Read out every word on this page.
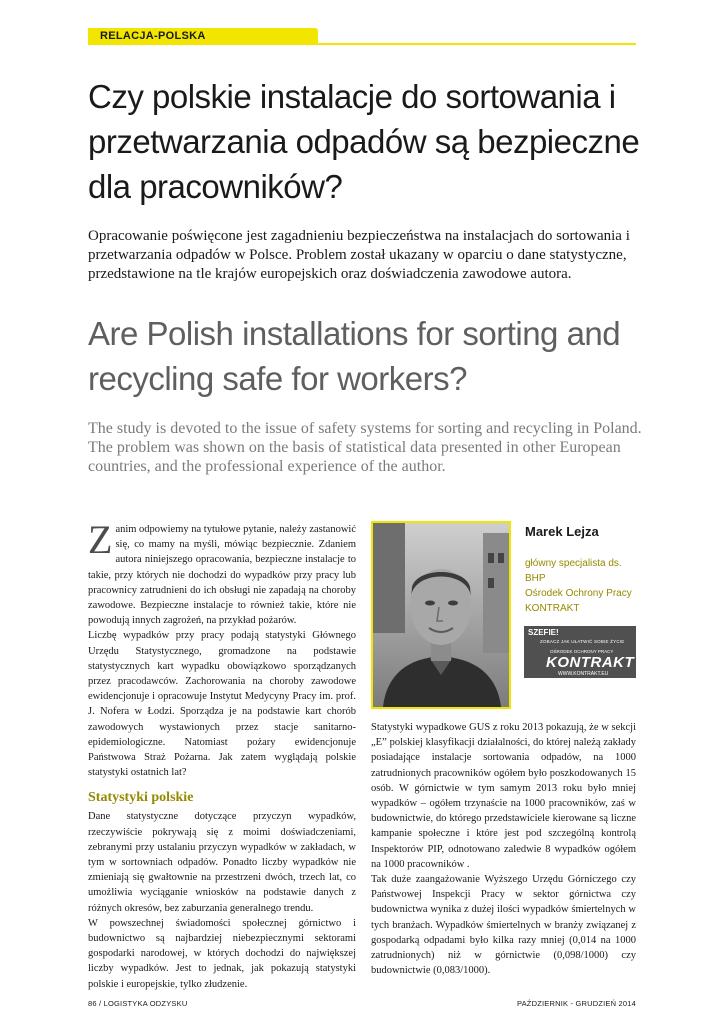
RELACJA-POLSKA
Czy polskie instalacje do sortowania i przetwarzania odpadów są bezpieczne dla pracowników?

Opracowanie poświęcone jest zagadnieniu bezpieczeństwa na instalacjach do sortowania i przetwarzania odpadów w Polsce. Problem został ukazany w oparciu o dane statystyczne, przedstawione na tle krajów europejskich oraz doświadczenia zawodowe autora.

Are Polish installations for sorting and recycling safe for workers?

The study is devoted to the issue of safety systems for sorting and recycling in Poland. The problem was shown on the basis of statistical data presented in other European countries, and the professional experience of the author.

Zanim odpowiemy na tytułowe pytanie, należy zastanowić się, co mamy na myśli, mówiąc bezpiecznie. Zdaniem autora niniejszego opracowania, bezpieczne instalacje to takie, przy których nie dochodzi do wypadków przy pracy lub pracownicy zatrudnieni do ich obsługi nie zapadają na choroby zawodowe. Bezpieczne instalacje to również takie, które nie powodują innych zagrożeń, na przykład pożarów.

Liczbę wypadków przy pracy podają statystyki Głównego Urzędu Statystycznego, gromadzone na podstawie statystycznych kart wypadku obowiązkowo sporządzanych przez pracodawców. Zachorowania na choroby zawodowe ewidencjonuje i opracowuje Instytut Medycyny Pracy im. prof. J. Nofera w Łodzi. Sporządza je na podstawie kart chorób zawodowych wystawionych przez stacje sanitarno-epidemiologiczne. Natomiast pożary ewidencjonuje Państwowa Straż Pożarna. Jak zatem wyglądają polskie statystyki ostatnich lat?

Statystyki polskie

Dane statystyczne dotyczące przyczyn wypadków, rzeczywiście pokrywają się z moimi doświadczeniami, zebranymi przy ustalaniu przyczyn wypadków w zakładach, w tym w sortowniach odpadów. Ponadto liczby wypadków nie zmieniają się gwałtownie na przestrzeni dwóch, trzech lat, co umożliwia wyciąganie wniosków na podstawie danych z różnych okresów, bez zaburzania generalnego trendu.

W powszechnej świadomości społecznej górnictwo i budownictwo są najbardziej niebezpiecznymi sektorami gospodarki narodowej, w których dochodzi do największej liczby wypadków. Jest to jednak, jak pokazują statystyki polskie i europejskie, tylko złudzenie.

Marek Lejza
główny specjalista ds.
BHP
Ośrodek Ochrony Pracy
KONTRAKT
SZEFIE!
ZOBACZ JAK UŁATWIĆ SOBIE ŻYCIE
OŚRODEK OCHRONY PRACY
KONTRAKT
WWW.KONTRAKT.EU

Statystyki wypadkowe GUS z roku 2013 pokazują, że w sekcji „E” polskiej klasyfikacji działalności, do której należą zakłady posiadające instalacje sortowania odpadów, na 1000 zatrudnionych pracowników ogółem było poszkodowanych 15 osób. W górnictwie w tym samym 2013 roku było mniej wypadków – ogółem trzynaście na 1000 pracowników, zaś w budownictwie, do którego przedstawiciele kierowane są liczne kampanie społeczne i które jest pod szczególną kontrolą Inspektorów PIP, odnotowano zaledwie 8 wypadków ogółem na 1000 pracowników .

Tak duże zaangażowanie Wyższego Urzędu Górniczego czy Państwowej Inspekcji Pracy w sektor górnictwa czy budownictwa wynika z dużej ilości wypadków śmiertelnych w tych branżach. Wypadków śmiertelnych w branży związanej z gospodarką odpadami było kilka razy mniej (0,014 na 1000 zatrudnionych) niż w górnictwie (0,098/1000) czy budownictwie (0,083/1000).

86 / LOGISTYKA ODZYSKU	PAŹDZIERNIK - GRUDZIEŃ 2014
